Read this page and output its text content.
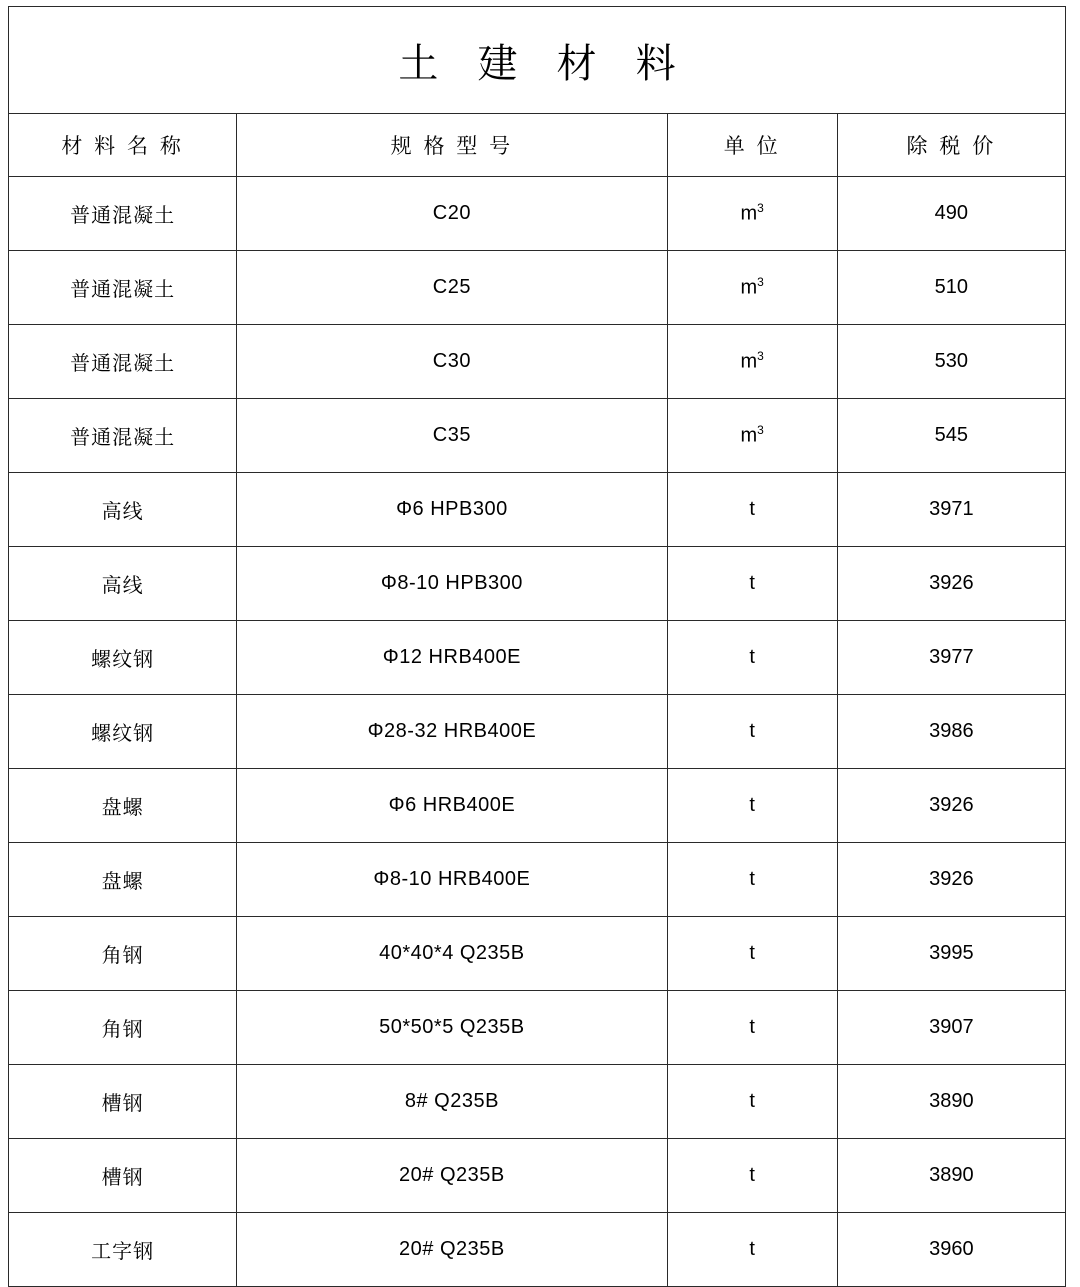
土 建 材 料			
材 料 名 称	规 格 型 号	单 位	除 税 价
普通混凝土	C20	$m^3$	490
普通混凝土	C25	$m^3$	510
普通混凝土	C30	$m^3$	530
普通混凝土	C35	$m^3$	545
高线	Φ6 HPB300	t	3971
高线	Φ8-10 HPB300	t	3926
螺纹钢	Φ12 HRB400E	t	3977
螺纹钢	Φ28-32 HRB400E	t	3986
盘螺	Φ6 HRB400E	t	3926
盘螺	Φ8-10 HRB400E	t	3926
角钢	40*40*4 Q235B	t	3995
角钢	50*50*5 Q235B	t	3907
槽钢	8# Q235B	t	3890
槽钢	20# Q235B	t	3890
工字钢	20# Q235B	t	3960
